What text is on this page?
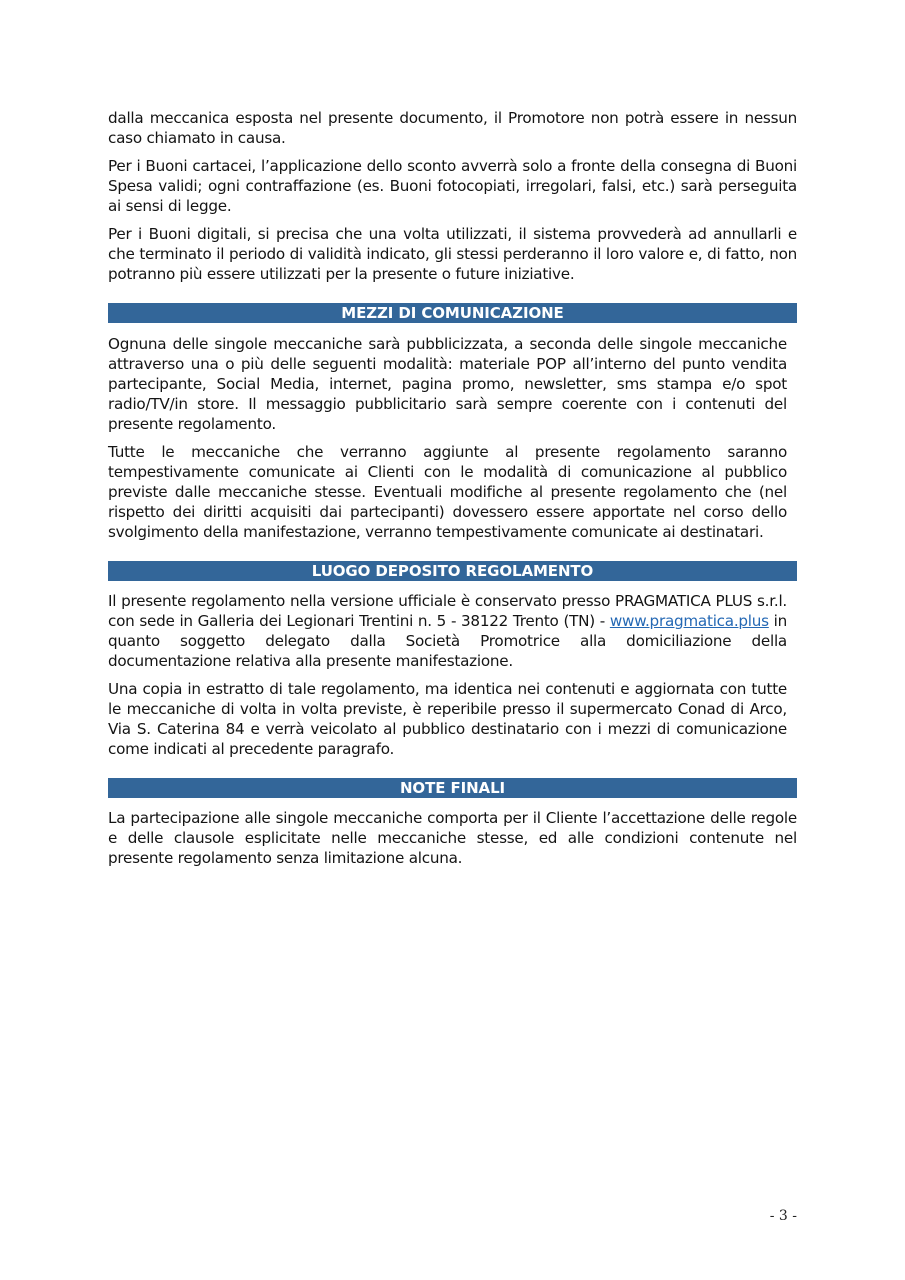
dalla meccanica esposta nel presente documento, il Promotore non potrà essere in nessun caso chiamato in causa.

Per i Buoni cartacei, l’applicazione dello sconto avverrà solo a fronte della consegna di Buoni Spesa validi; ogni contraffazione (es. Buoni fotocopiati, irregolari, falsi, etc.) sarà perseguita ai sensi di legge.

Per i Buoni digitali, si precisa che una volta utilizzati, il sistema provvederà ad annullarli e che terminato il periodo di validità indicato, gli stessi perderanno il loro valore e, di fatto, non potranno più essere utilizzati per la presente o future iniziative.

MEZZI DI COMUNICAZIONE

Ognuna delle singole meccaniche sarà pubblicizzata, a seconda delle singole meccaniche attraverso una o più delle seguenti modalità: materiale POP all’interno del punto vendita partecipante, Social Media, internet, pagina promo, newsletter, sms stampa e/o spot radio/TV/in store. Il messaggio pubblicitario sarà sempre coerente con i contenuti del presente regolamento.

Tutte le meccaniche che verranno aggiunte al presente regolamento saranno tempestivamente comunicate ai Clienti con le modalità di comunicazione al pubblico previste dalle meccaniche stesse. Eventuali modifiche al presente regolamento che (nel rispetto dei diritti acquisiti dai partecipanti) dovessero essere apportate nel corso dello svolgimento della manifestazione, verranno tempestivamente comunicate ai destinatari.

LUOGO DEPOSITO REGOLAMENTO

Il presente regolamento nella versione ufficiale è conservato presso PRAGMATICA PLUS s.r.l. con sede in Galleria dei Legionari Trentini n. 5 - 38122 Trento (TN) - www.pragmatica.plus in quanto soggetto delegato dalla Società Promotrice alla domiciliazione della documentazione relativa alla presente manifestazione.

Una copia in estratto di tale regolamento, ma identica nei contenuti e aggiornata con tutte le meccaniche di volta in volta previste, è reperibile presso il supermercato Conad di Arco, Via S. Caterina 84 e verrà veicolato al pubblico destinatario con i mezzi di comunicazione come indicati al precedente paragrafo.

NOTE FINALI

La partecipazione alle singole meccaniche comporta per il Cliente l’accettazione delle regole e delle clausole esplicitate nelle meccaniche stesse, ed alle condizioni contenute nel presente regolamento senza limitazione alcuna.

- 3 -
